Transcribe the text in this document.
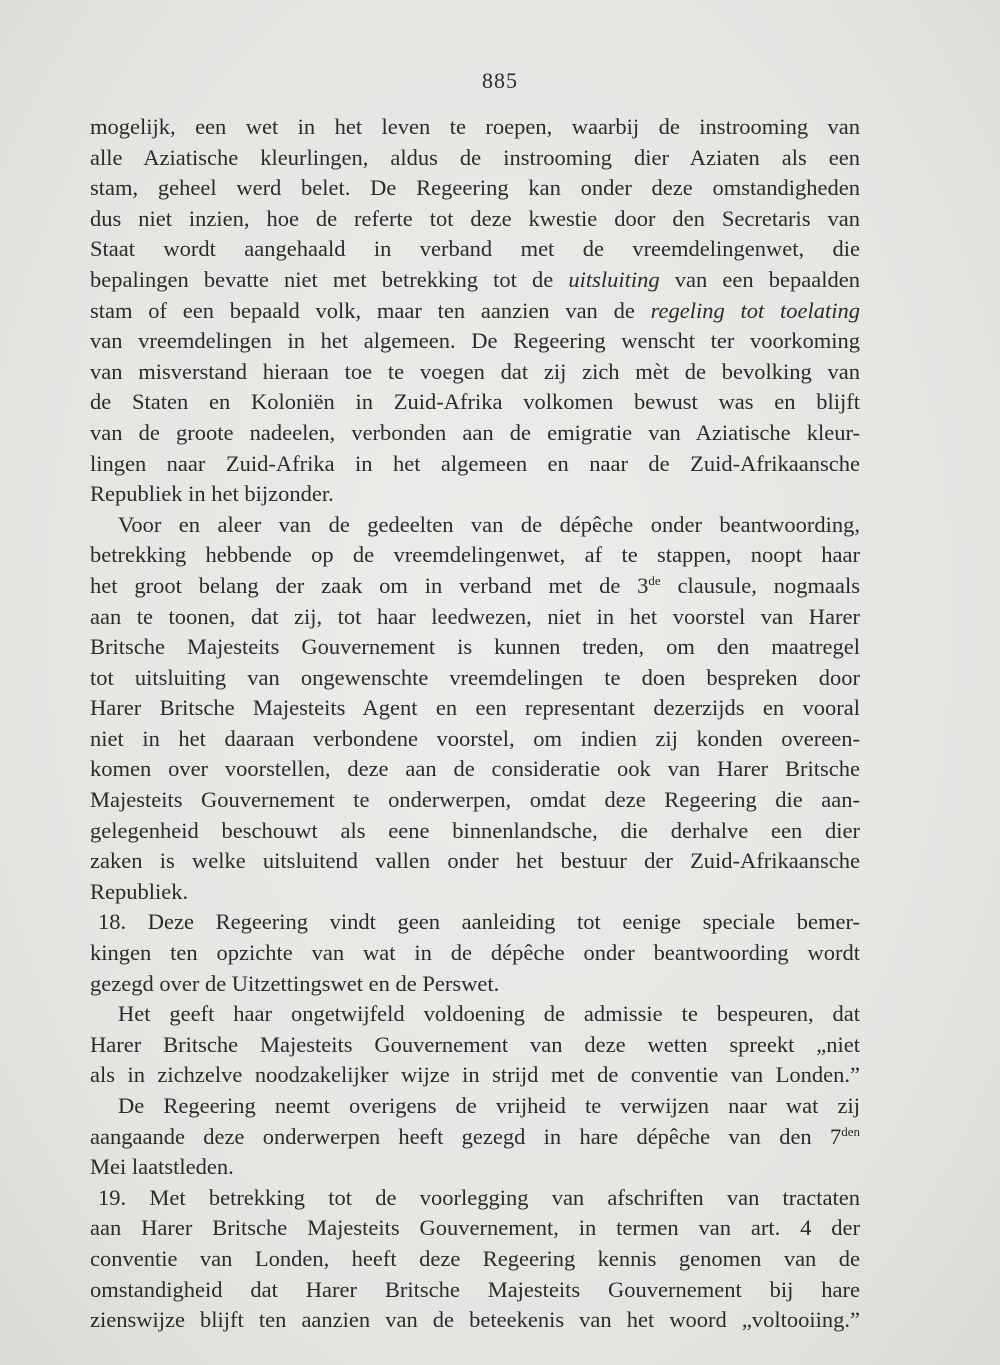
885
mogelijk, een wet in het leven te roepen, waarbij de instrooming van
alle Aziatische kleurlingen, aldus de instrooming dier Aziaten als een
stam, geheel werd belet. De Regeering kan onder deze omstandigheden
dus niet inzien, hoe de referte tot deze kwestie door den Secretaris van
Staat wordt aangehaald in verband met de vreemdelingenwet, die
bepalingen bevatte niet met betrekking tot de uitsluiting van een bepaalden
stam of een bepaald volk, maar ten aanzien van de regeling tot toelating
van vreemdelingen in het algemeen. De Regeering wenscht ter voorkoming
van misverstand hieraan toe te voegen dat zij zich mèt de bevolking van
de Staten en Koloniën in Zuid-Afrika volkomen bewust was en blijft
van de groote nadeelen, verbonden aan de emigratie van Aziatische kleur-
lingen naar Zuid-Afrika in het algemeen en naar de Zuid-Afrikaansche
Republiek in het bijzonder.
Voor en aleer van de gedeelten van de dépêche onder beantwoording,
betrekking hebbende op de vreemdelingenwet, af te stappen, noopt haar
het groot belang der zaak om in verband met de 3de clausule, nogmaals
aan te toonen, dat zij, tot haar leedwezen, niet in het voorstel van Harer
Britsche Majesteits Gouvernement is kunnen treden, om den maatregel
tot uitsluiting van ongewenschte vreemdelingen te doen bespreken door
Harer Britsche Majesteits Agent en een representant dezerzijds en vooral
niet in het daaraan verbondene voorstel, om indien zij konden overeen-
komen over voorstellen, deze aan de consideratie ook van Harer Britsche
Majesteits Gouvernement te onderwerpen, omdat deze Regeering die aan-
gelegenheid beschouwt als eene binnenlandsche, die derhalve een dier
zaken is welke uitsluitend vallen onder het bestuur der Zuid-Afrikaansche
Republiek.
18. Deze Regeering vindt geen aanleiding tot eenige speciale bemer-
kingen ten opzichte van wat in de dépêche onder beantwoording wordt
gezegd over de Uitzettingswet en de Perswet.
Het geeft haar ongetwijfeld voldoening de admissie te bespeuren, dat
Harer Britsche Majesteits Gouvernement van deze wetten spreekt „niet
als in zichzelve noodzakelijker wijze in strijd met de conventie van Londen.”
De Regeering neemt overigens de vrijheid te verwijzen naar wat zij
aangaande deze onderwerpen heeft gezegd in hare dépêche van den $7^{den}$
Mei laatstleden.
19. Met betrekking tot de voorlegging van afschriften van tractaten
aan Harer Britsche Majesteits Gouvernement, in termen van art. 4 der
conventie van Londen, heeft deze Regeering kennis genomen van de
omstandigheid dat Harer Britsche Majesteits Gouvernement bij hare
zienswijze blijft ten aanzien van de beteekenis van het woord „voltooiing.”
